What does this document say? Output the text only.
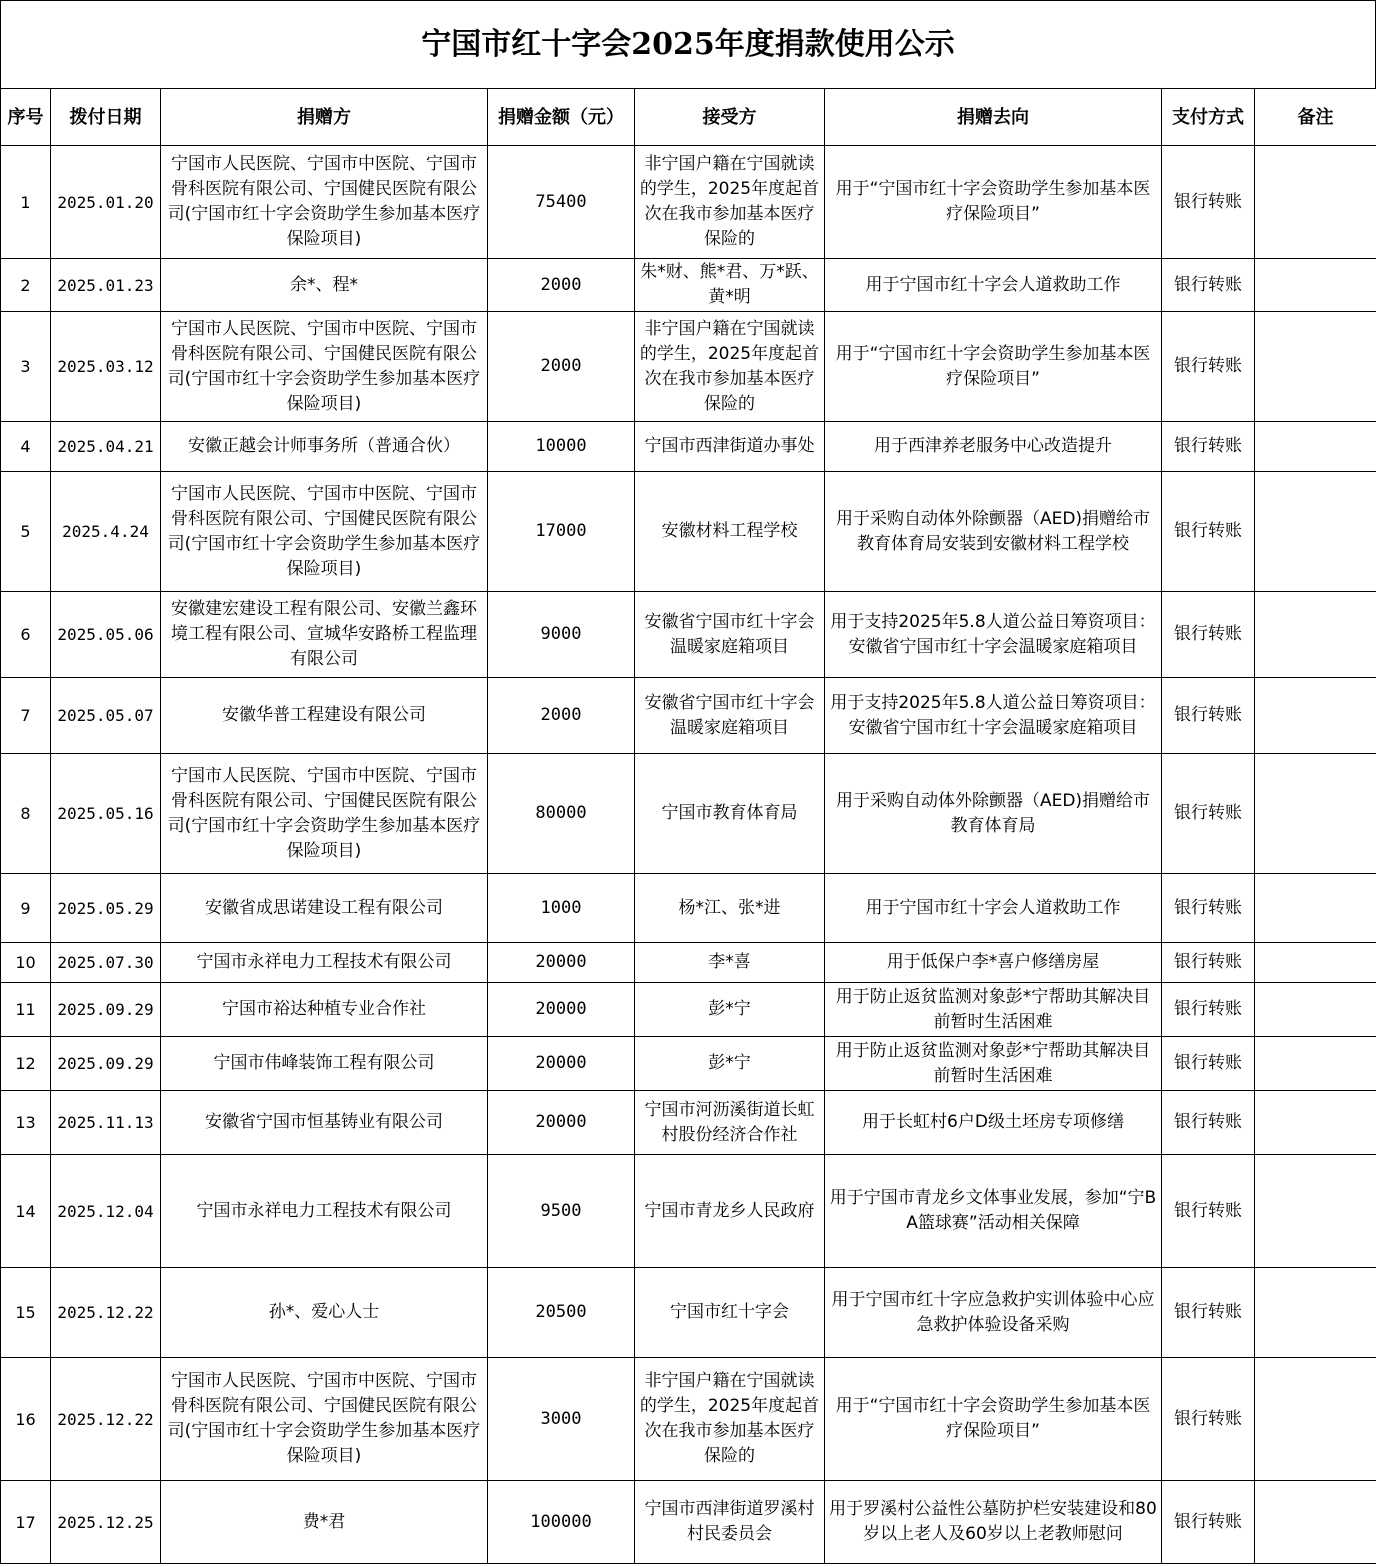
宁国市红十字会2025年度捐款使用公示
序号	拨付日期	捐赠方	捐赠金额（元）	接受方	捐赠去向	支付方式	备注
1	2025.01.20	宁国市人民医院、宁国市中医院、宁国市骨科医院有限公司、宁国健民医院有限公司(宁国市红十字会资助学生参加基本医疗保险项目)	75400	非宁国户籍在宁国就读的学生，2025年度起首次在我市参加基本医疗保险的	用于“宁国市红十字会资助学生参加基本医疗保险项目”	银行转账	
2	2025.01.23	余*、程*	2000	朱*财、熊*君、万*跃、黄*明	用于宁国市红十字会人道救助工作	银行转账	
3	2025.03.12	宁国市人民医院、宁国市中医院、宁国市骨科医院有限公司、宁国健民医院有限公司(宁国市红十字会资助学生参加基本医疗保险项目)	2000	非宁国户籍在宁国就读的学生，2025年度起首次在我市参加基本医疗保险的	用于“宁国市红十字会资助学生参加基本医疗保险项目”	银行转账	
4	2025.04.21	安徽正越会计师事务所（普通合伙）	10000	宁国市西津街道办事处	用于西津养老服务中心改造提升	银行转账	
5	2025.4.24	宁国市人民医院、宁国市中医院、宁国市骨科医院有限公司、宁国健民医院有限公司(宁国市红十字会资助学生参加基本医疗保险项目)	17000	安徽材料工程学校	用于采购自动体外除颤器（AED)捐赠给市教育体育局安装到安徽材料工程学校	银行转账	
6	2025.05.06	安徽建宏建设工程有限公司、安徽兰鑫环境工程有限公司、宣城华安路桥工程监理有限公司	9000	安徽省宁国市红十字会温暖家庭箱项目	用于支持2025年5.8人道公益日筹资项目：安徽省宁国市红十字会温暖家庭箱项目	银行转账	
7	2025.05.07	安徽华普工程建设有限公司	2000	安徽省宁国市红十字会温暖家庭箱项目	用于支持2025年5.8人道公益日筹资项目：安徽省宁国市红十字会温暖家庭箱项目	银行转账	
8	2025.05.16	宁国市人民医院、宁国市中医院、宁国市骨科医院有限公司、宁国健民医院有限公司(宁国市红十字会资助学生参加基本医疗保险项目)	80000	宁国市教育体育局	用于采购自动体外除颤器（AED)捐赠给市教育体育局	银行转账	
9	2025.05.29	安徽省成思诺建设工程有限公司	1000	杨*江、张*进	用于宁国市红十字会人道救助工作	银行转账	
10	2025.07.30	宁国市永祥电力工程技术有限公司	20000	李*喜	用于低保户李*喜户修缮房屋	银行转账	
11	2025.09.29	宁国市裕达种植专业合作社	20000	彭*宁	用于防止返贫监测对象彭*宁帮助其解决目前暂时生活困难	银行转账	
12	2025.09.29	宁国市伟峰装饰工程有限公司	20000	彭*宁	用于防止返贫监测对象彭*宁帮助其解决目前暂时生活困难	银行转账	
13	2025.11.13	安徽省宁国市恒基铸业有限公司	20000	宁国市河沥溪街道长虹村股份经济合作社	用于长虹村6户D级土坯房专项修缮	银行转账	
14	2025.12.04	宁国市永祥电力工程技术有限公司	9500	宁国市青龙乡人民政府	用于宁国市青龙乡文体事业发展，参加“宁BA篮球赛”活动相关保障	银行转账	
15	2025.12.22	孙*、爱心人士	20500	宁国市红十字会	用于宁国市红十字应急救护实训体验中心应急救护体验设备采购	银行转账	
16	2025.12.22	宁国市人民医院、宁国市中医院、宁国市骨科医院有限公司、宁国健民医院有限公司(宁国市红十字会资助学生参加基本医疗保险项目)	3000	非宁国户籍在宁国就读的学生，2025年度起首次在我市参加基本医疗保险的	用于“宁国市红十字会资助学生参加基本医疗保险项目”	银行转账	
17	2025.12.25	费*君	100000	宁国市西津街道罗溪村村民委员会	用于罗溪村公益性公墓防护栏安装建设和80岁以上老人及60岁以上老教师慰问	银行转账	
